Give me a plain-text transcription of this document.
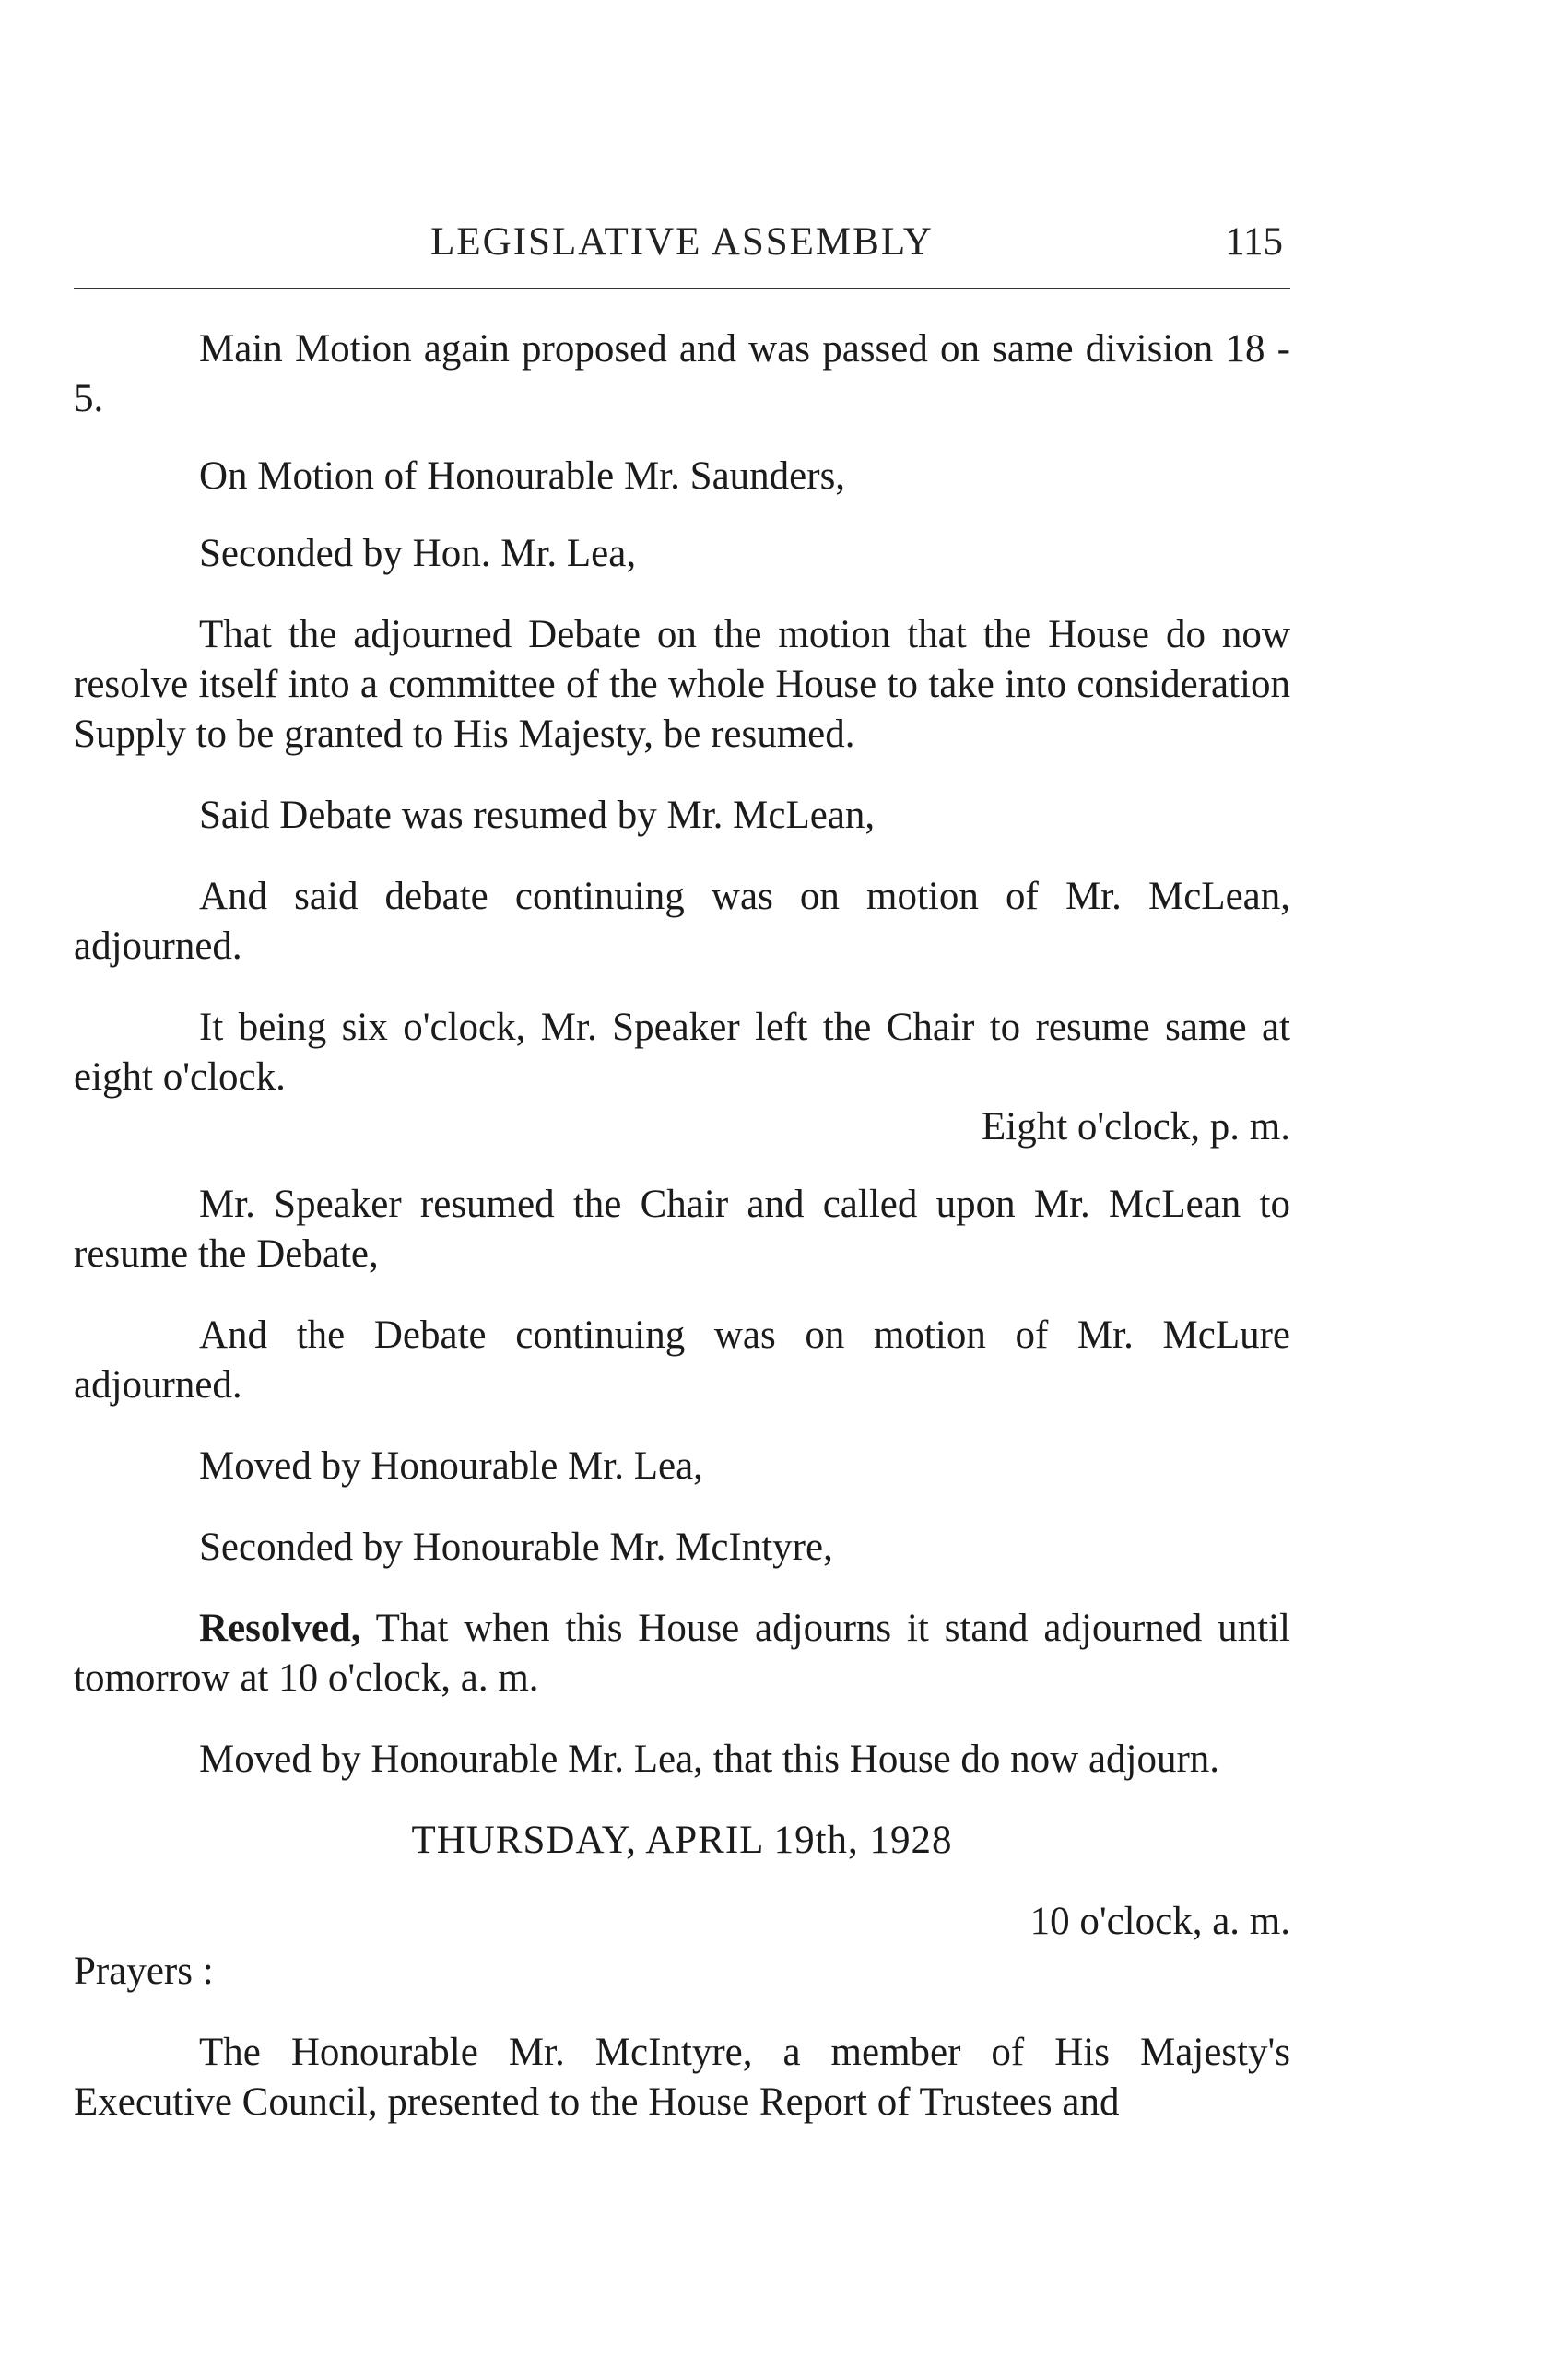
LEGISLATIVE ASSEMBLY	115

Main Motion again proposed and was passed on same division 18 - 5.

On Motion of Honourable Mr. Saunders,

Seconded by Hon. Mr. Lea,

That the adjourned Debate on the motion that the House do now resolve itself into a committee of the whole House to take into consideration Supply to be granted to His Majesty, be resumed.

Said Debate was resumed by Mr. McLean,

And said debate continuing was on motion of Mr. McLean, adjourned.

It being six o'clock, Mr. Speaker left the Chair to resume same at eight o'clock.

Eight o'clock, p. m.

Mr. Speaker resumed the Chair and called upon Mr. McLean to resume the Debate,

And the Debate continuing was on motion of Mr. McLure adjourned.

Moved by Honourable Mr. Lea,

Seconded by Honourable Mr. McIntyre,

Resolved, That when this House adjourns it stand adjourned until tomorrow at 10 o'clock, a. m.

Moved by Honourable Mr. Lea, that this House do now adjourn.

THURSDAY, APRIL 19th, 1928

10 o'clock, a. m.

Prayers :

The Honourable Mr. McIntyre, a member of His Majesty's Executive Council, presented to the House Report of Trustees and
